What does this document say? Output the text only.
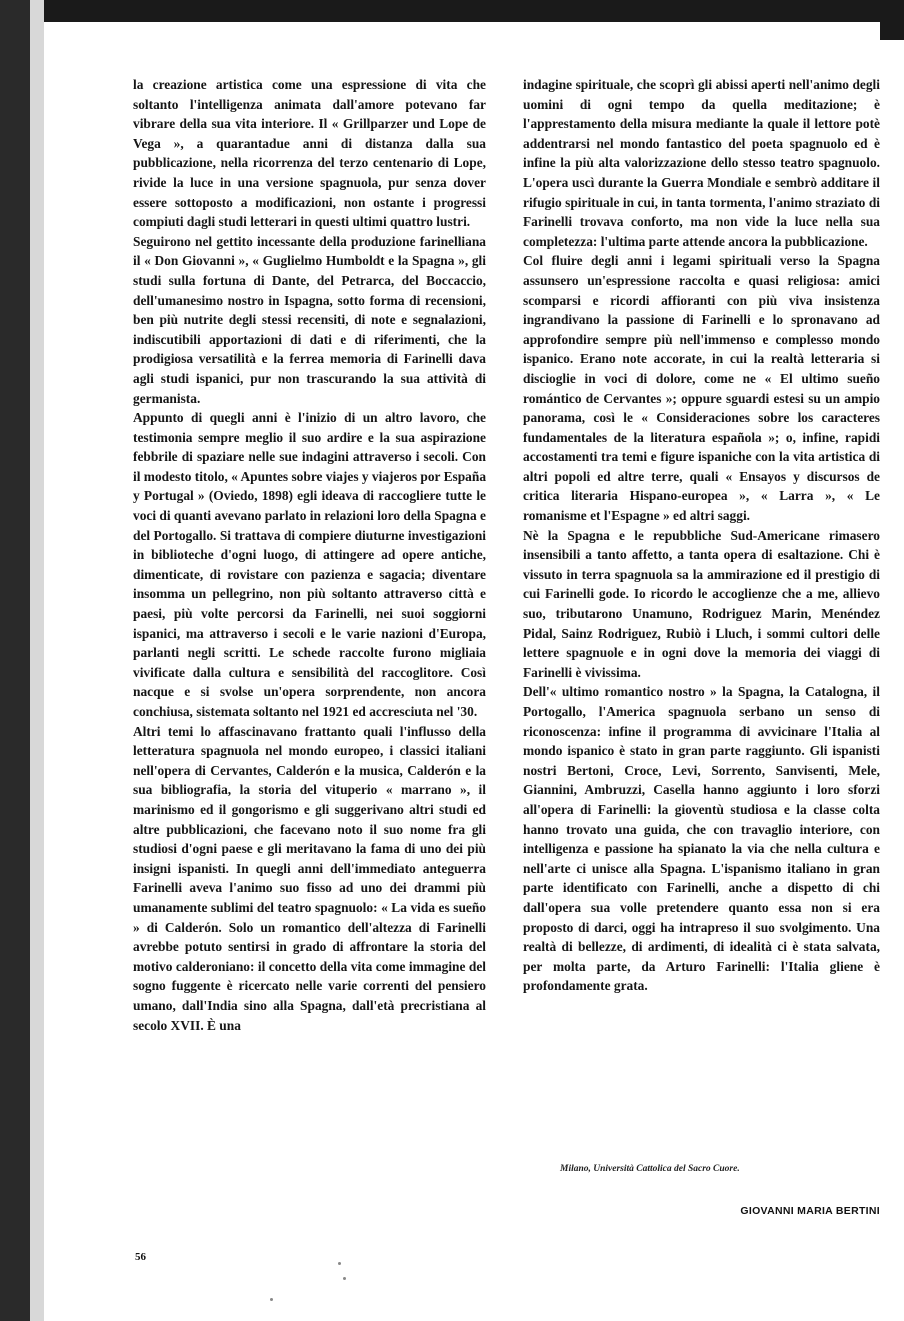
la creazione artistica come una espressione di vita che soltanto l'intelligenza animata dall'amore potevano far vibrare della sua vita interiore. Il « Grillparzer und Lope de Vega », a quarantadue anni di distanza dalla sua pubblicazione, nella ricorrenza del terzo centenario di Lope, rivide la luce in una versione spagnuola, pur senza dover essere sottoposto a modificazioni, non ostante i progressi compiuti dagli studi letterari in questi ultimi quattro lustri.

Seguirono nel gettito incessante della produzione farinelliana il « Don Giovanni », « Guglielmo Humboldt e la Spagna », gli studi sulla fortuna di Dante, del Petrarca, del Boccaccio, dell'umanesimo nostro in Ispagna, sotto forma di recensioni, ben più nutrite degli stessi recensiti, di note e segnalazioni, indiscutibili apportazioni di dati e di riferimenti, che la prodigiosa versatilità e la ferrea memoria di Farinelli dava agli studi ispanici, pur non trascurando la sua attività di germanista.

Appunto di quegli anni è l'inizio di un altro lavoro, che testimonia sempre meglio il suo ardire e la sua aspirazione febbrile di spaziare nelle sue indagini attraverso i secoli. Con il modesto titolo, « Apuntes sobre viajes y viajeros por España y Portugal » (Oviedo, 1898) egli ideava di raccogliere tutte le voci di quanti avevano parlato in relazioni loro della Spagna e del Portogallo. Si trattava di compiere diuturne investigazioni in biblioteche d'ogni luogo, di attingere ad opere antiche, dimenticate, di rovistare con pazienza e sagacia; diventare insomma un pellegrino, non più soltanto attraverso città e paesi, più volte percorsi da Farinelli, nei suoi soggiorni ispanici, ma attraverso i secoli e le varie nazioni d'Europa, parlanti negli scritti. Le schede raccolte furono migliaia vivificate dalla cultura e sensibilità del raccoglitore. Così nacque e si svolse un'opera sorprendente, non ancora conchiusa, sistemata soltanto nel 1921 ed accresciuta nel '30.

Altri temi lo affascinavano frattanto quali l'influsso della letteratura spagnuola nel mondo europeo, i classici italiani nell'opera di Cervantes, Calderón e la musica, Calderón e la sua bibliografia, la storia del vituperio « marrano », il marinismo ed il gongorismo e gli suggerivano altri studi ed altre pubblicazioni, che facevano noto il suo nome fra gli studiosi d'ogni paese e gli meritavano la fama di uno dei più insigni ispanisti. In quegli anni dell'immediato anteguerra Farinelli aveva l'animo suo fisso ad uno dei drammi più umanamente sublimi del teatro spagnuolo: « La vida es sueño » di Calderón. Solo un romantico dell'altezza di Farinelli avrebbe potuto sentirsi in grado di affrontare la storia del motivo calderoniano: il concetto della vita come immagine del sogno fuggente è ricercato nelle varie correnti del pensiero umano, dall'India sino alla Spagna, dall'età precristiana al secolo XVII. È una

indagine spirituale, che scoprì gli abissi aperti nell'animo degli uomini di ogni tempo da quella meditazione; è l'apprestamento della misura mediante la quale il lettore potè addentrarsi nel mondo fantastico del poeta spagnuolo ed è infine la più alta valorizzazione dello stesso teatro spagnuolo. L'opera uscì durante la Guerra Mondiale e sembrò additare il rifugio spirituale in cui, in tanta tormenta, l'animo straziato di Farinelli trovava conforto, ma non vide la luce nella sua completezza: l'ultima parte attende ancora la pubblicazione.

Col fluire degli anni i legami spirituali verso la Spagna assunsero un'espressione raccolta e quasi religiosa: amici scomparsi e ricordi affioranti con più viva insistenza ingrandivano la passione di Farinelli e lo spronavano ad approfondire sempre più nell'immenso e complesso mondo ispanico. Erano note accorate, in cui la realtà letteraria si discioglie in voci di dolore, come ne « El ultimo sueño romántico de Cervantes »; oppure sguardi estesi su un ampio panorama, così le « Consideraciones sobre los caracteres fundamentales de la literatura española »; o, infine, rapidi accostamenti tra temi e figure ispaniche con la vita artistica di altri popoli ed altre terre, quali « Ensayos y discursos de critica literaria Hispano-europea », « Larra », « Le romanisme et l'Espagne » ed altri saggi.

Nè la Spagna e le repubbliche Sud-Americane rimasero insensibili a tanto affetto, a tanta opera di esaltazione. Chi è vissuto in terra spagnuola sa la ammirazione ed il prestigio di cui Farinelli gode. Io ricordo le accoglienze che a me, allievo suo, tributarono Unamuno, Rodriguez Marin, Menéndez Pidal, Sainz Rodriguez, Rubiò i Lluch, i sommi cultori delle lettere spagnuole e in ogni dove la memoria dei viaggi di Farinelli è vivissima.

Dell'« ultimo romantico nostro » la Spagna, la Catalogna, il Portogallo, l'America spagnuola serbano un senso di riconoscenza: infine il programma di avvicinare l'Italia al mondo ispanico è stato in gran parte raggiunto. Gli ispanisti nostri Bertoni, Croce, Levi, Sorrento, Sanvisenti, Mele, Giannini, Ambruzzi, Casella hanno aggiunto i loro sforzi all'opera di Farinelli: la gioventù studiosa e la classe colta hanno trovato una guida, che con travaglio interiore, con intelligenza e passione ha spianato la via che nella cultura e nell'arte ci unisce alla Spagna. L'ispanismo italiano in gran parte identificato con Farinelli, anche a dispetto di chi dall'opera sua volle pretendere quanto essa non si era proposto di darci, oggi ha intrapreso il suo svolgimento. Una realtà di bellezze, di ardimenti, di idealità ci è stata salvata, per molta parte, da Arturo Farinelli: l'Italia gliene è profondamente grata.

Milano, Università Cattolica del Sacro Cuore.
GIOVANNI MARIA BERTINI
56
